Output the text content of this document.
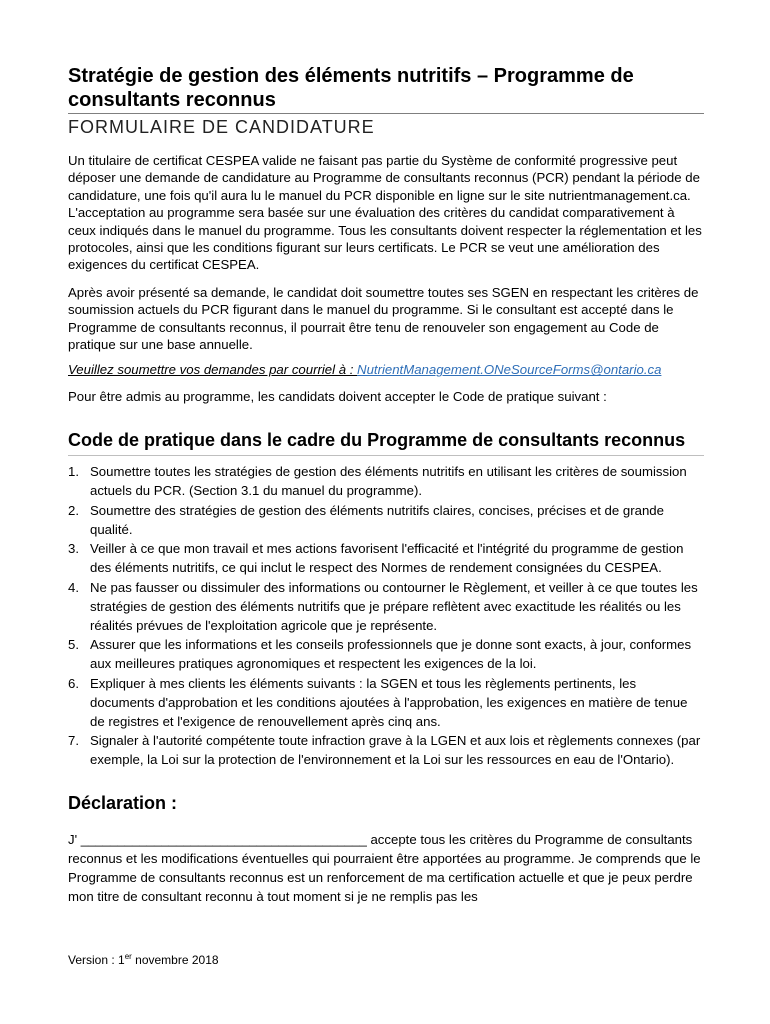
Stratégie de gestion des éléments nutritifs – Programme de consultants reconnus
FORMULAIRE DE CANDIDATURE

Un titulaire de certificat CESPEA valide ne faisant pas partie du Système de conformité progressive peut déposer une demande de candidature au Programme de consultants reconnus (PCR) pendant la période de candidature, une fois qu'il aura lu le manuel du PCR disponible en ligne sur le site nutrientmanagement.ca. L'acceptation au programme sera basée sur une évaluation des critères du candidat comparativement à ceux indiqués dans le manuel du programme. Tous les consultants doivent respecter la réglementation et les protocoles, ainsi que les conditions figurant sur leurs certificats. Le PCR se veut une amélioration des exigences du certificat CESPEA.

Après avoir présenté sa demande, le candidat doit soumettre toutes ses SGEN en respectant les critères de soumission actuels du PCR figurant dans le manuel du programme. Si le consultant est accepté dans le Programme de consultants reconnus, il pourrait être tenu de renouveler son engagement au Code de pratique sur une base annuelle.

Veuillez soumettre vos demandes par courriel à : NutrientManagement.ONeSourceForms@ontario.ca

Pour être admis au programme, les candidats doivent accepter le Code de pratique suivant :

Code de pratique dans le cadre du Programme de consultants reconnus
1. Soumettre toutes les stratégies de gestion des éléments nutritifs en utilisant les critères de soumission actuels du PCR. (Section 3.1 du manuel du programme).
2. Soumettre des stratégies de gestion des éléments nutritifs claires, concises, précises et de grande qualité.
3. Veiller à ce que mon travail et mes actions favorisent l'efficacité et l'intégrité du programme de gestion des éléments nutritifs, ce qui inclut le respect des Normes de rendement consignées du CESPEA.
4. Ne pas fausser ou dissimuler des informations ou contourner le Règlement, et veiller à ce que toutes les stratégies de gestion des éléments nutritifs que je prépare reflètent avec exactitude les réalités ou les réalités prévues de l'exploitation agricole que je représente.
5. Assurer que les informations et les conseils professionnels que je donne sont exacts, à jour, conformes aux meilleures pratiques agronomiques et respectent les exigences de la loi.
6. Expliquer à mes clients les éléments suivants : la SGEN et tous les règlements pertinents, les documents d'approbation et les conditions ajoutées à l'approbation, les exigences en matière de tenue de registres et l'exigence de renouvellement après cinq ans.
7. Signaler à l'autorité compétente toute infraction grave à la LGEN et aux lois et règlements connexes (par exemple, la Loi sur la protection de l'environnement et la Loi sur les ressources en eau de l'Ontario).
Déclaration :

J' _______________________________________ accepte tous les critères du Programme de consultants reconnus et les modifications éventuelles qui pourraient être apportées au programme. Je comprends que le Programme de consultants reconnus est un renforcement de ma certification actuelle et que je peux perdre mon titre de consultant reconnu à tout moment si je ne remplis pas les

Version : 1er novembre 2018
